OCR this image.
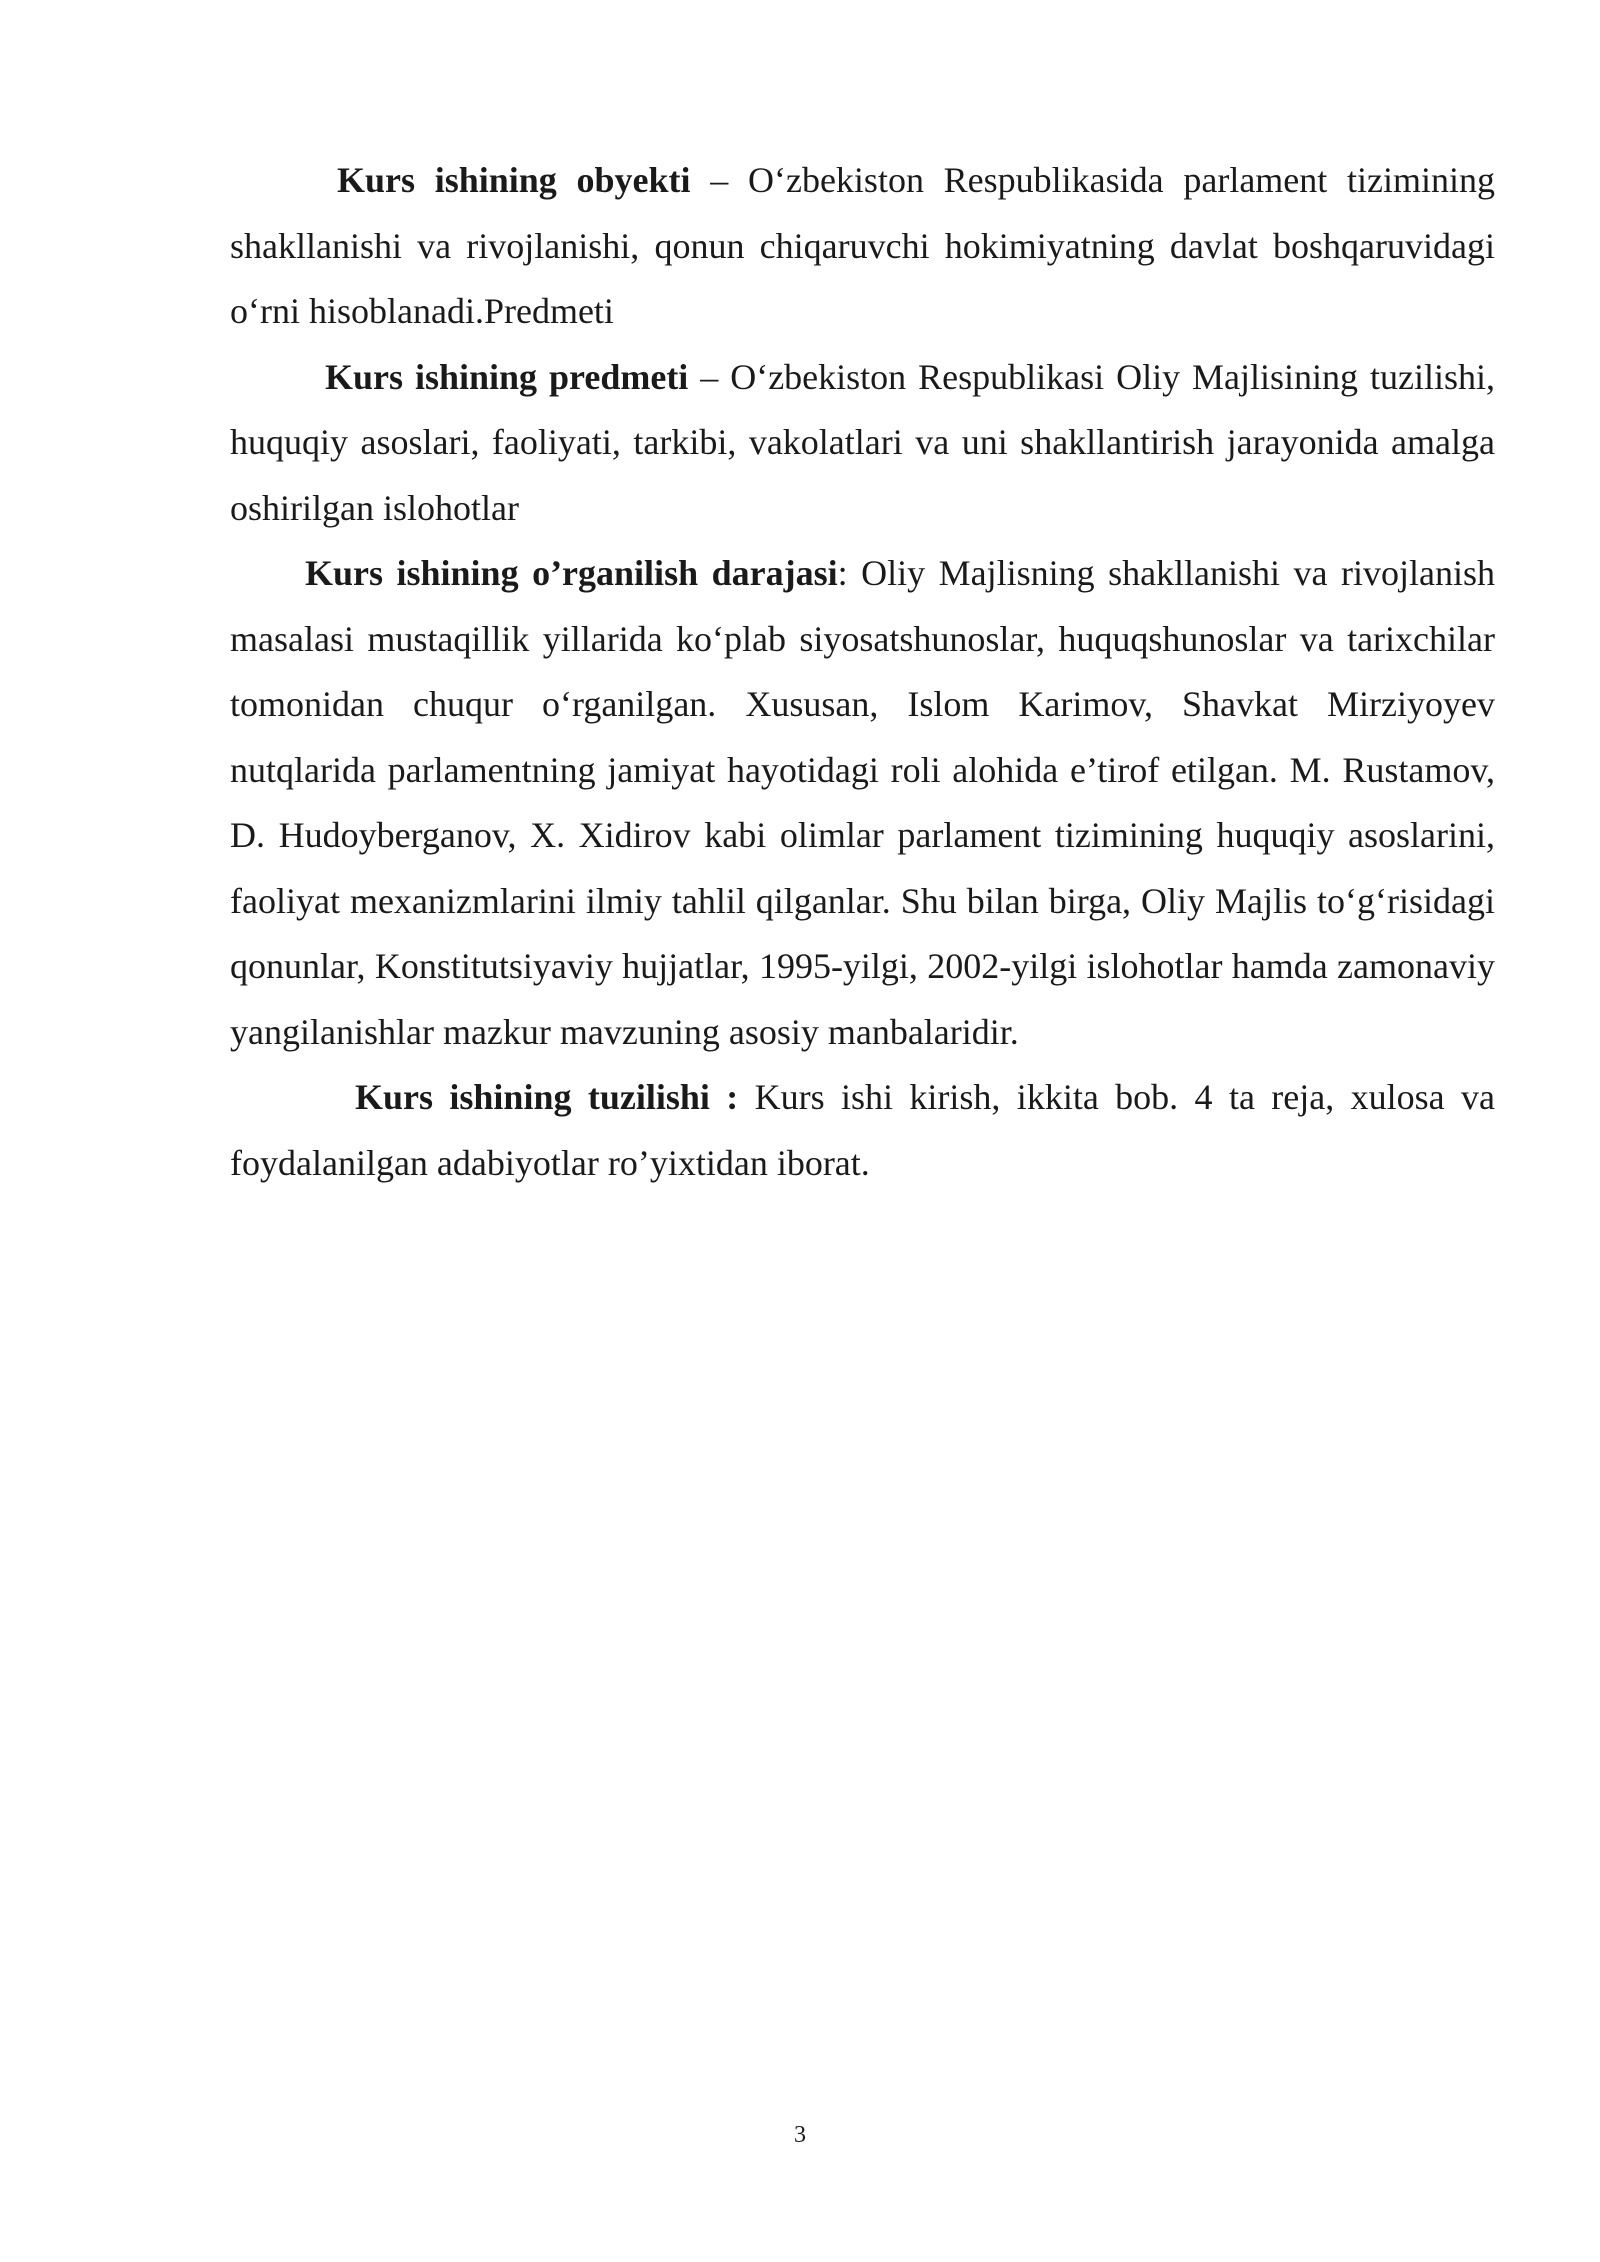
Kurs ishining obyekti – O‘zbekiston Respublikasida parlament tizimining shakllanishi va rivojlanishi, qonun chiqaruvchi hokimiyatning davlat boshqaruvidagi o‘rni hisoblanadi.Predmeti

Kurs ishining predmeti – O‘zbekiston Respublikasi Oliy Majlisining tuzilishi, huquqiy asoslari, faoliyati, tarkibi, vakolatlari va uni shakllantirish jarayonida amalga oshirilgan islohotlar

Kurs ishining o’rganilish darajasi: Oliy Majlisning shakllanishi va rivojlanish masalasi mustaqillik yillarida ko‘plab siyosatshunoslar, huquqshunoslar va tarixchilar tomonidan chuqur o‘rganilgan. Xususan, Islom Karimov, Shavkat Mirziyoyev nutqlarida parlamentning jamiyat hayotidagi roli alohida e’tirof etilgan. M. Rustamov, D. Hudoyberganov, X. Xidirov kabi olimlar parlament tizimining huquqiy asoslarini, faoliyat mexanizmlarini ilmiy tahlil qilganlar. Shu bilan birga, Oliy Majlis to‘g‘risidagi qonunlar, Konstitutsiyaviy hujjatlar, 1995-yilgi, 2002-yilgi islohotlar hamda zamonaviy yangilanishlar mazkur mavzuning asosiy manbalaridir.

Kurs ishining tuzilishi : Kurs ishi kirish, ikkita bob. 4 ta reja, xulosa va foydalanilgan adabiyotlar ro’yixtidan iborat.

3
